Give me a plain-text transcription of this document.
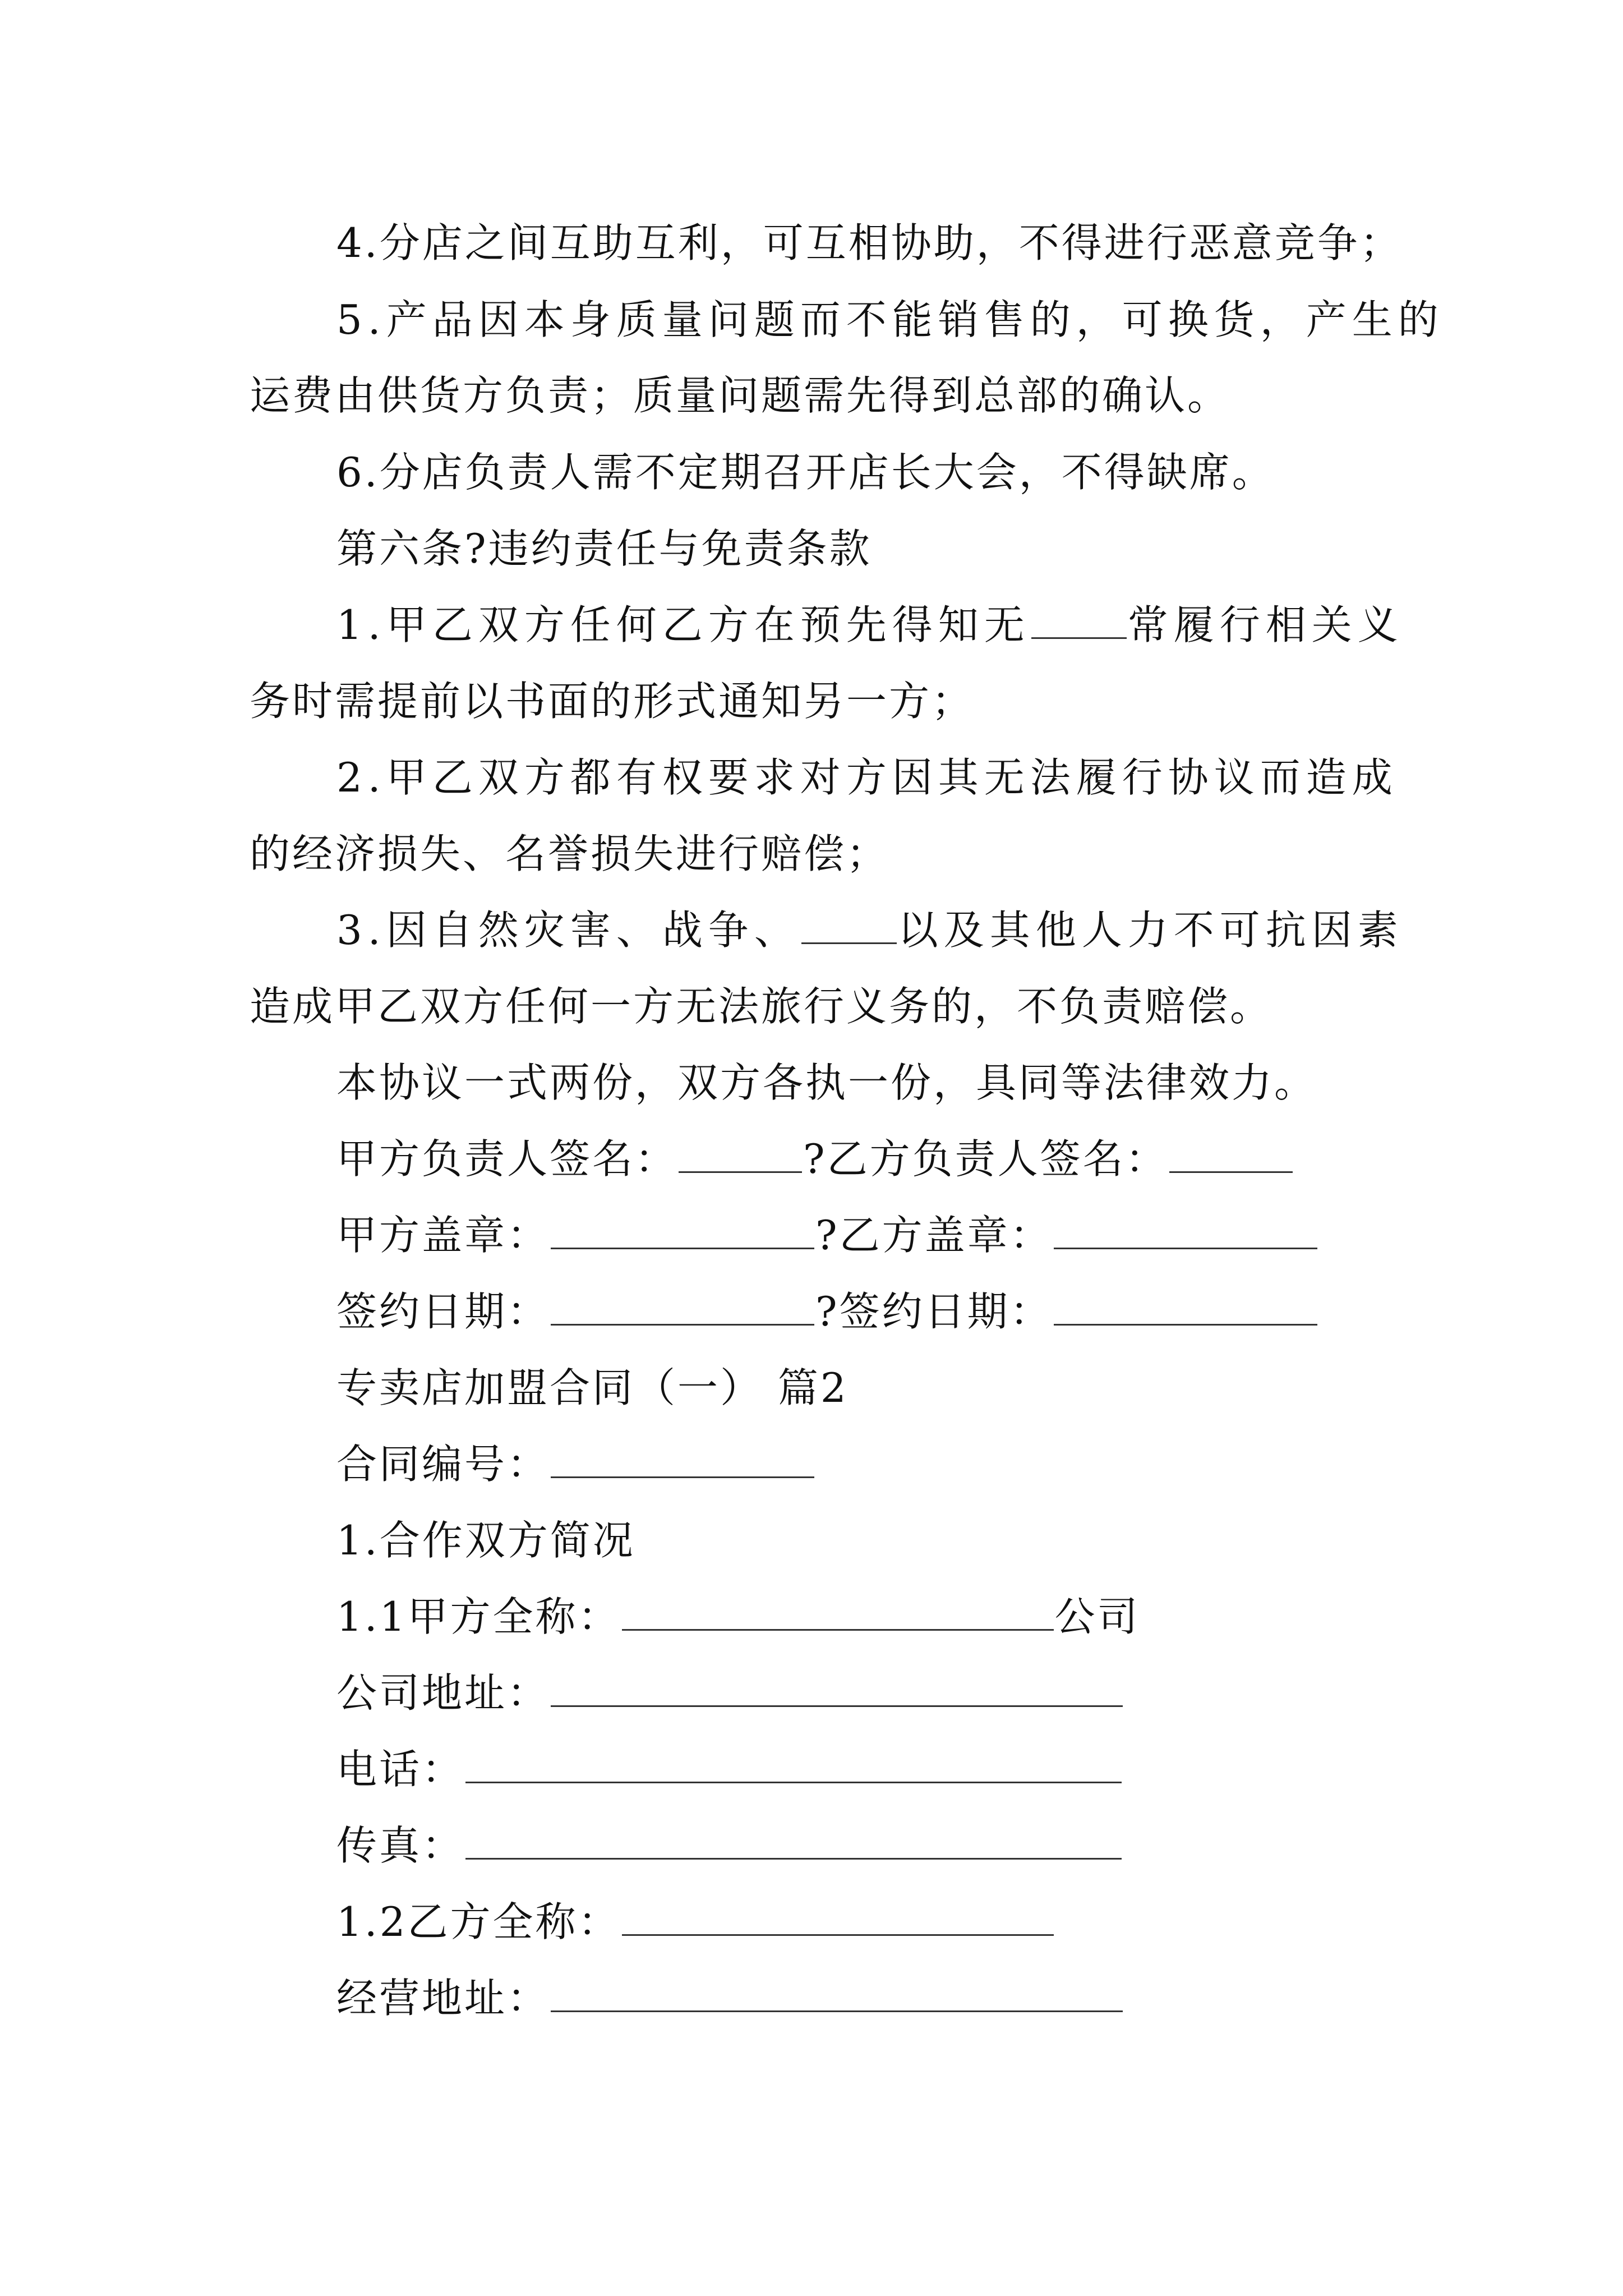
4.分店之间互助互利，可互相协助，不得进行恶意竞争；
5.产品因本身质量问题而不能销售的，可换货，产生的
运费由供货方负责；质量问题需先得到总部的确认。
6.分店负责人需不定期召开店长大会，不得缺席。
第六条?违约责任与免责条款
1.甲乙双方任何乙方在预先得知无 常履行相关义
务时需提前以书面的形式通知另一方；
2.甲乙双方都有权要求对方因其无法履行协议而造成
的经济损失、名誉损失进行赔偿；
3.因自然灾害、战争、 以及其他人力不可抗因素
造成甲乙双方任何一方无法旅行义务的，不负责赔偿。
本协议一式两份，双方各执一份，具同等法律效力。
甲方负责人签名：	?乙方负责人签名：
甲方盖章：	?乙方盖章：
签约日期：	?签约日期：
专卖店加盟合同（一） 篇2
合同编号：
1.合作双方简况
1.1甲方全称：	公司
公司地址：
电话：
传真：
1.2乙方全称：
经营地址：
